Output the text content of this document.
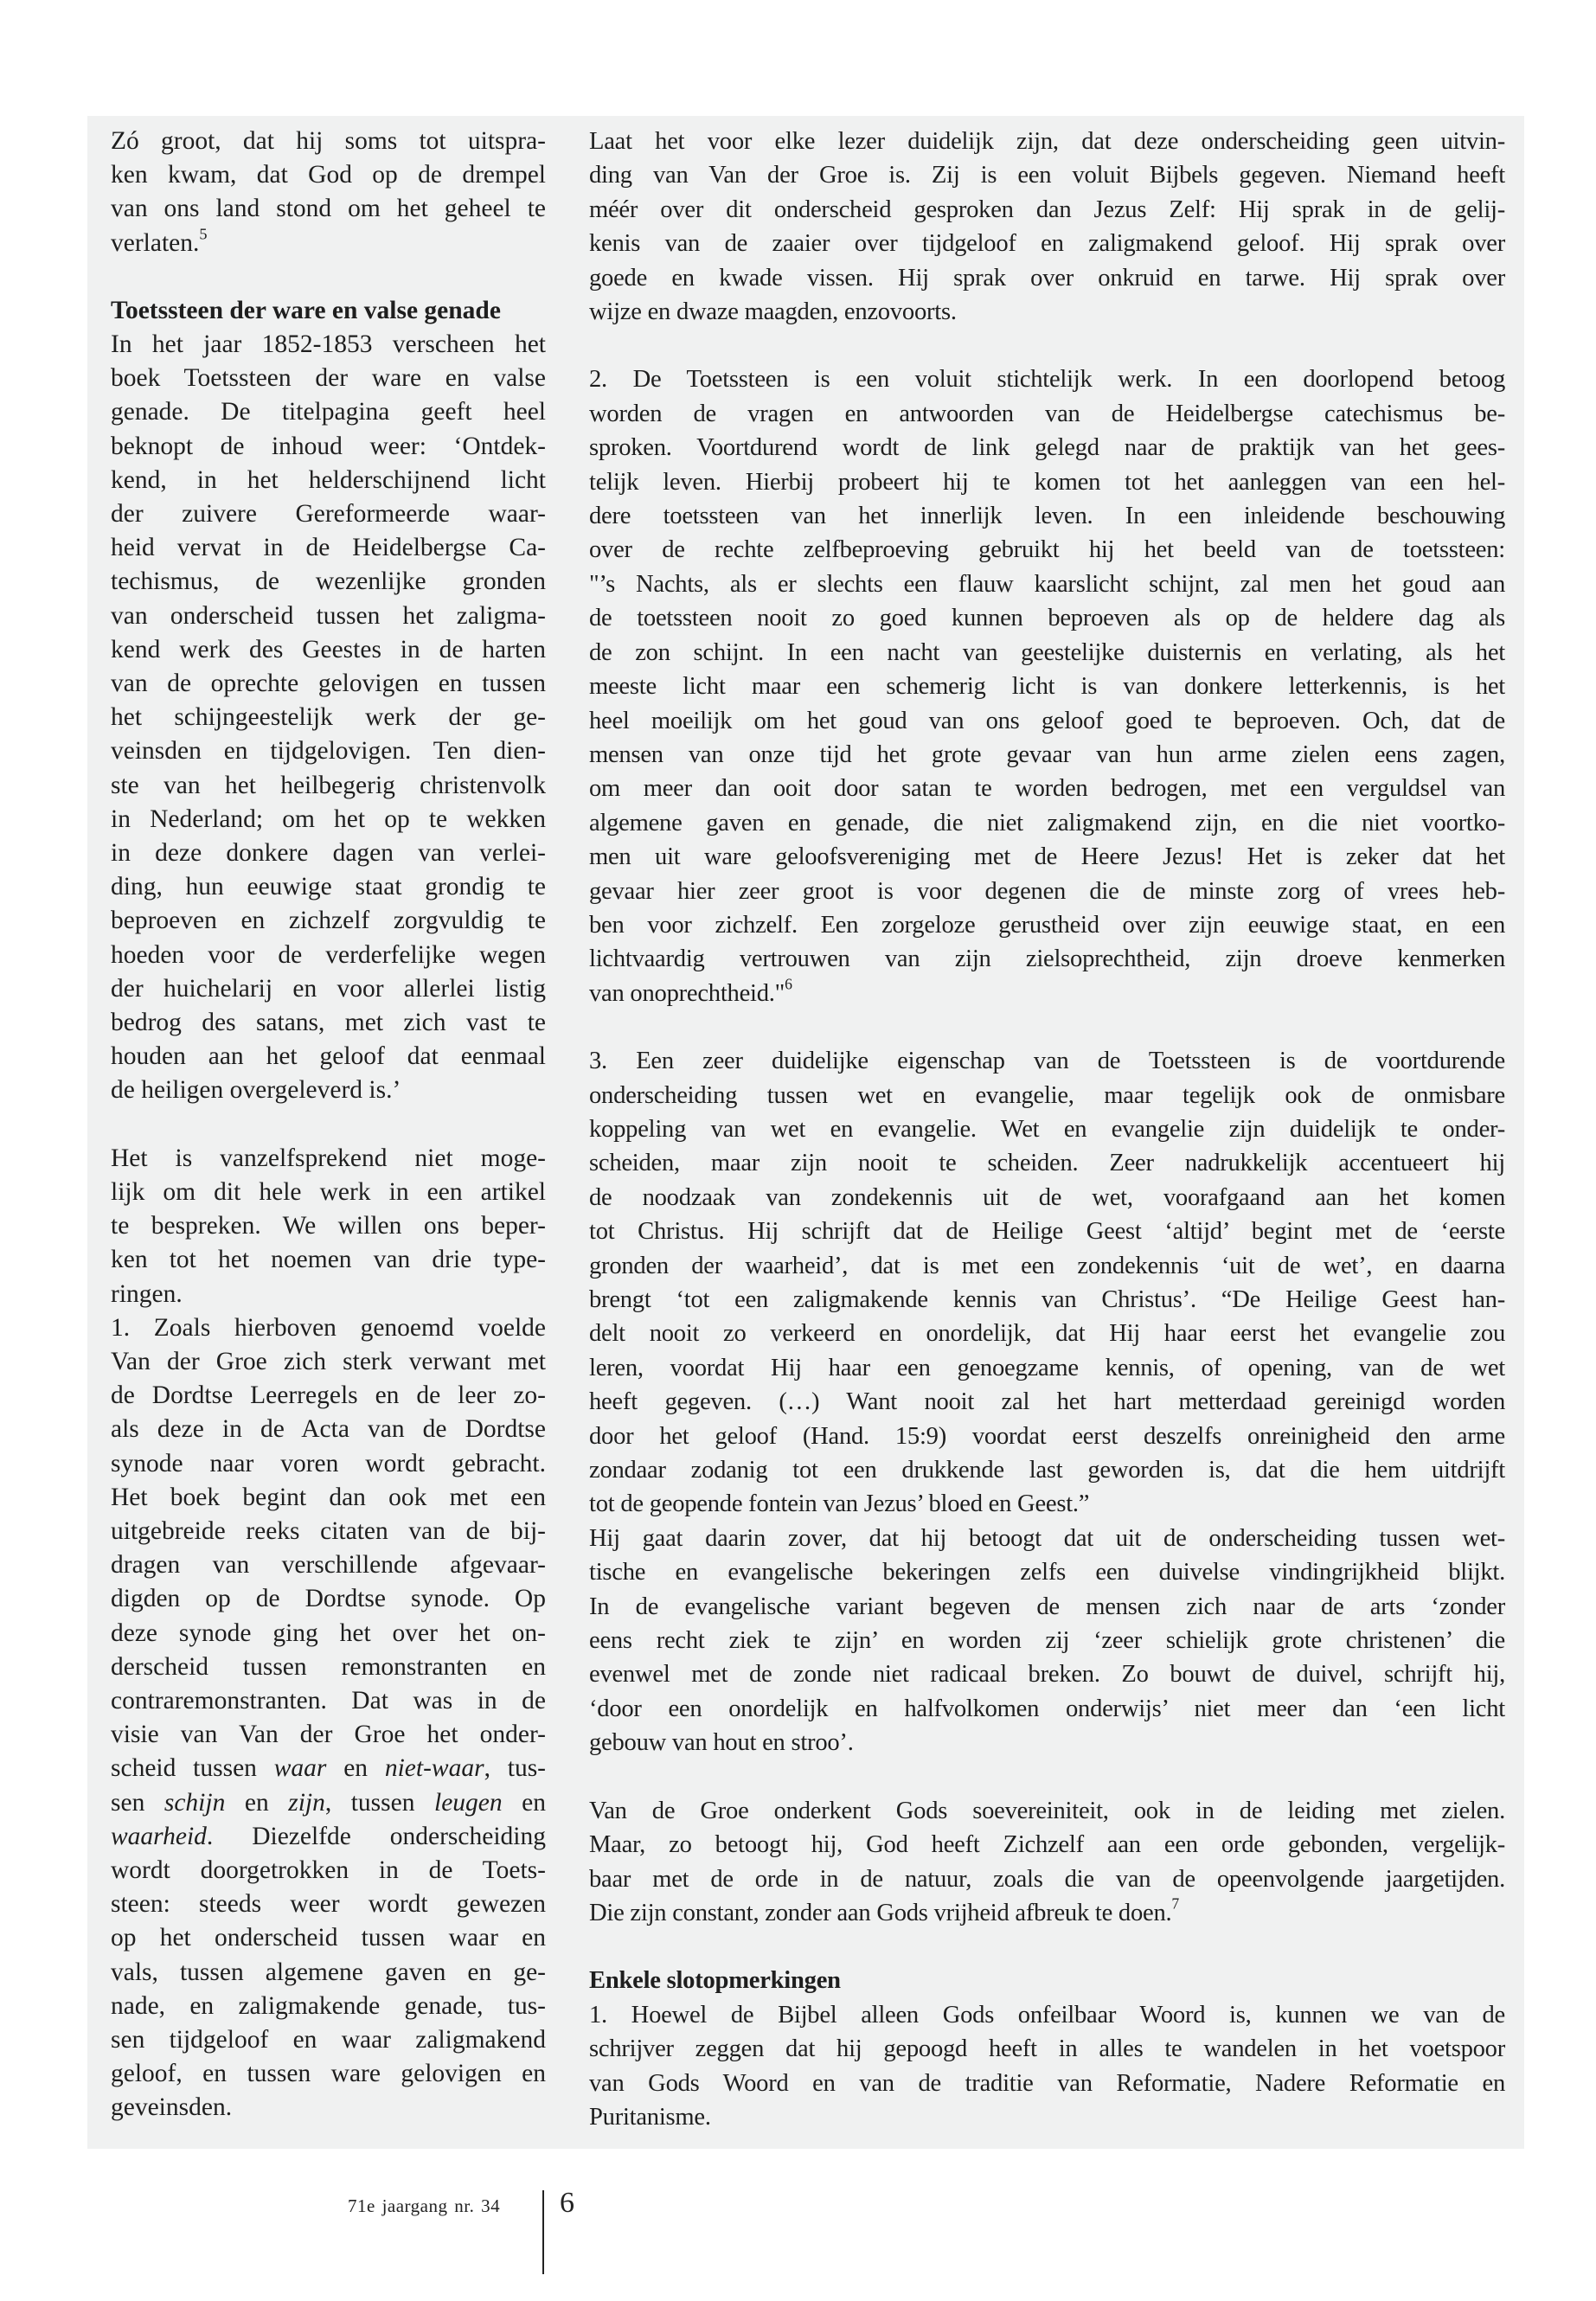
Zó groot, dat hij soms tot uitspra-
ken kwam, dat God op de drempel
van ons land stond om het geheel te
verlaten.$^5$

Toetssteen der ware en valse genade

In het jaar 1852-1853 verscheen het
boek Toetssteen der ware en valse
genade. De titelpagina geeft heel
beknopt de inhoud weer: ‘Ontdek-
kend, in het helderschijnend licht
der zuivere Gereformeerde waar-
heid vervat in de Heidelbergse Ca-
techismus, de wezenlijke gronden
van onderscheid tussen het zaligma-
kend werk des Geestes in de harten
van de oprechte gelovigen en tussen
het schijngeestelijk werk der ge-
veinsden en tijdgelovigen. Ten dien-
ste van het heilbegerig christenvolk
in Nederland; om het op te wekken
in deze donkere dagen van verlei-
ding, hun eeuwige staat grondig te
beproeven en zichzelf zorgvuldig te
hoeden voor de verderfelijke wegen
der huichelarij en voor allerlei listig
bedrog des satans, met zich vast te
houden aan het geloof dat eenmaal
de heiligen overgeleverd is.’

Het is vanzelfsprekend niet moge-
lijk om dit hele werk in een artikel
te bespreken. We willen ons beper-
ken tot het noemen van drie type-
ringen.
1. Zoals hierboven genoemd voelde
Van der Groe zich sterk verwant met
de Dordtse Leerregels en de leer zo-
als deze in de Acta van de Dordtse
synode naar voren wordt gebracht.
Het boek begint dan ook met een
uitgebreide reeks citaten van de bij-
dragen van verschillende afgevaar-
digden op de Dordtse synode. Op
deze synode ging het over het on-
derscheid tussen remonstranten en
contraremonstranten. Dat was in de
visie van Van der Groe het onder-
scheid tussen waar en niet-waar, tus-
sen schijn en zijn, tussen leugen en
waarheid. Diezelfde onderscheiding
wordt doorgetrokken in de Toets-
steen: steeds weer wordt gewezen
op het onderscheid tussen waar en
vals, tussen algemene gaven en ge-
nade, en zaligmakende genade, tus-
sen tijdgeloof en waar zaligmakend
geloof, en tussen ware gelovigen en
geveinsden.

Laat het voor elke lezer duidelijk zijn, dat deze onderscheiding geen uitvin-
ding van Van der Groe is. Zij is een voluit Bijbels gegeven. Niemand heeft
méér over dit onderscheid gesproken dan Jezus Zelf: Hij sprak in de gelij-
kenis van de zaaier over tijdgeloof en zaligmakend geloof. Hij sprak over
goede en kwade vissen. Hij sprak over onkruid en tarwe. Hij sprak over
wijze en dwaze maagden, enzovoorts.

2. De Toetssteen is een voluit stichtelijk werk. In een doorlopend betoog
worden de vragen en antwoorden van de Heidelbergse catechismus be-
sproken. Voortdurend wordt de link gelegd naar de praktijk van het gees-
telijk leven. Hierbij probeert hij te komen tot het aanleggen van een hel-
dere toetssteen van het innerlijk leven. In een inleidende beschouwing
over de rechte zelfbeproeving gebruikt hij het beeld van de toetssteen:
"’s Nachts, als er slechts een flauw kaarslicht schijnt, zal men het goud aan
de toetssteen nooit zo goed kunnen beproeven als op de heldere dag als
de zon schijnt. In een nacht van geestelijke duisternis en verlating, als het
meeste licht maar een schemerig licht is van donkere letterkennis, is het
heel moeilijk om het goud van ons geloof goed te beproeven. Och, dat de
mensen van onze tijd het grote gevaar van hun arme zielen eens zagen,
om meer dan ooit door satan te worden bedrogen, met een verguldsel van
algemene gaven en genade, die niet zaligmakend zijn, en die niet voortko-
men uit ware geloofsvereniging met de Heere Jezus! Het is zeker dat het
gevaar hier zeer groot is voor degenen die de minste zorg of vrees heb-
ben voor zichzelf. Een zorgeloze gerustheid over zijn eeuwige staat, en een
lichtvaardig vertrouwen van zijn zielsoprechtheid, zijn droeve kenmerken
van onoprechtheid."$^6$

3. Een zeer duidelijke eigenschap van de Toetssteen is de voortdurende
onderscheiding tussen wet en evangelie, maar tegelijk ook de onmisbare
koppeling van wet en evangelie. Wet en evangelie zijn duidelijk te onder-
scheiden, maar zijn nooit te scheiden. Zeer nadrukkelijk accentueert hij
de noodzaak van zondekennis uit de wet, voorafgaand aan het komen
tot Christus. Hij schrijft dat de Heilige Geest ‘altijd’ begint met de ‘eerste
gronden der waarheid’, dat is met een zondekennis ‘uit de wet’, en daarna
brengt ‘tot een zaligmakende kennis van Christus’. “De Heilige Geest han-
delt nooit zo verkeerd en onordelijk, dat Hij haar eerst het evangelie zou
leren, voordat Hij haar een genoegzame kennis, of opening, van de wet
heeft gegeven. (…) Want nooit zal het hart metterdaad gereinigd worden
door het geloof (Hand. 15:9) voordat eerst deszelfs onreinigheid den arme
zondaar zodanig tot een drukkende last geworden is, dat die hem uitdrijft
tot de geopende fontein van Jezus’ bloed en Geest.”
Hij gaat daarin zover, dat hij betoogt dat uit de onderscheiding tussen wet-
tische en evangelische bekeringen zelfs een duivelse vindingrijkheid blijkt.
In de evangelische variant begeven de mensen zich naar de arts ‘zonder
eens recht ziek te zijn’ en worden zij ‘zeer schielijk grote christenen’ die
evenwel met de zonde niet radicaal breken. Zo bouwt de duivel, schrijft hij,
‘door een onordelijk en halfvolkomen onderwijs’ niet meer dan ‘een licht
gebouw van hout en stroo’.

Van de Groe onderkent Gods soevereiniteit, ook in de leiding met zielen.
Maar, zo betoogt hij, God heeft Zichzelf aan een orde gebonden, vergelijk-
baar met de orde in de natuur, zoals die van de opeenvolgende jaargetijden.
Die zijn constant, zonder aan Gods vrijheid afbreuk te doen.$^7$

Enkele slotopmerkingen

1. Hoewel de Bijbel alleen Gods onfeilbaar Woord is, kunnen we van de
schrijver zeggen dat hij gepoogd heeft in alles te wandelen in het voetspoor
van Gods Woord en van de traditie van Reformatie, Nadere Reformatie en
Puritanisme.

71e jaargang nr. 34 6
